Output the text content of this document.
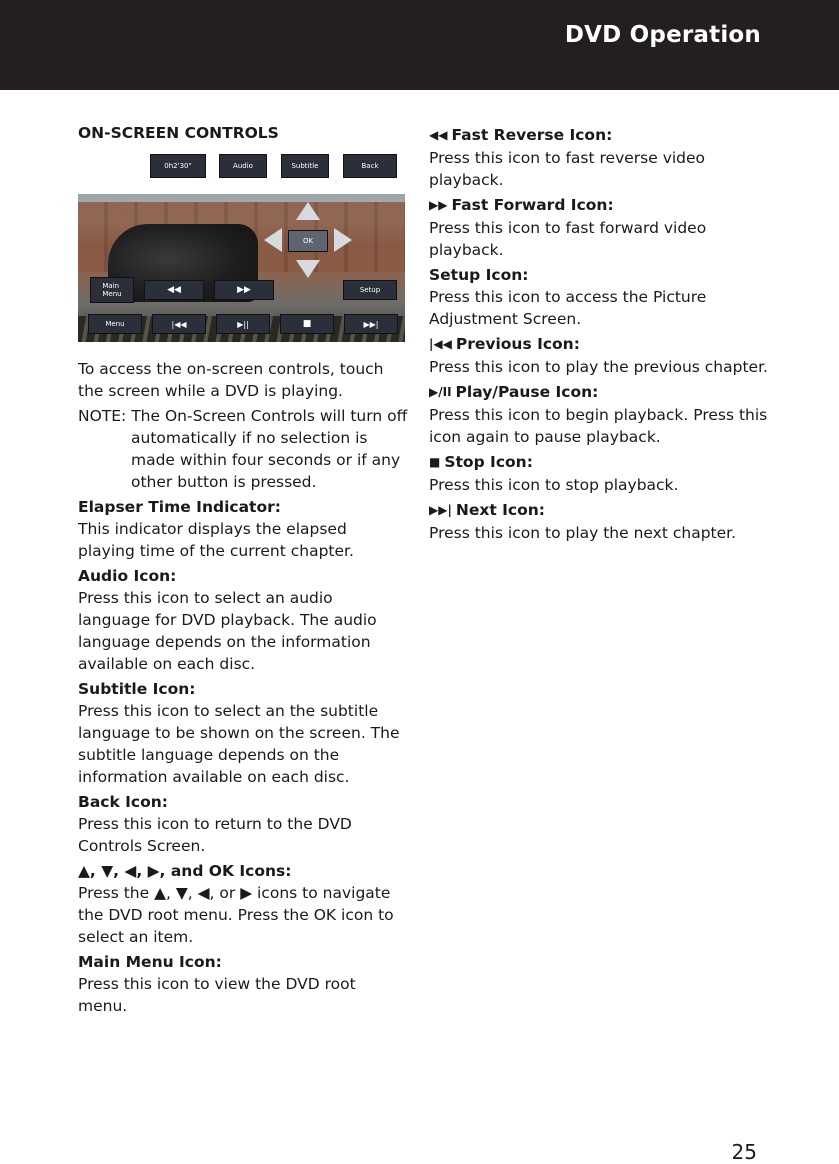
DVD Operation
ON-SCREEN CONTROLS
0h2'30"	Audio	Subtitle	Back
OK
Main
Menu	◀◀	▶▶	Setup
Menu	|◀◀	▶||	■	▶▶|

To access the on-screen controls, touch the screen while a DVD is playing.

NOTE: The On-Screen Controls will turn off automatically if no selection is made within four seconds or if any other button is pressed.

Elapser Time Indicator:

This indicator displays the elapsed playing time of the current chapter.

Audio Icon:

Press this icon to select an audio language for DVD playback. The audio language depends on the information available on each disc.

Subtitle Icon:

Press this icon to select an the subtitle language to be shown on the screen. The subtitle language depends on the information available on each disc.

Back Icon:

Press this icon to return to the DVD Controls Screen.

▲, ▼, ◀, ▶, and OK Icons:

Press the ▲, ▼, ◀, or ▶ icons to navigate the DVD root menu. Press the OK icon to select an item.

Main Menu Icon:

Press this icon to view the DVD root menu.

◀◀ Fast Reverse Icon:

Press this icon to fast reverse video playback.

▶▶ Fast Forward Icon:

Press this icon to fast forward video playback.

Setup Icon:

Press this icon to access the Picture Adjustment Screen.

|◀◀ Previous Icon:

Press this icon to play the previous chapter.

▶/II Play/Pause Icon:

Press this icon to begin playback. Press this icon again to pause playback.

■ Stop Icon:

Press this icon to stop playback.

▶▶| Next Icon:

Press this icon to play the next chapter.

25
